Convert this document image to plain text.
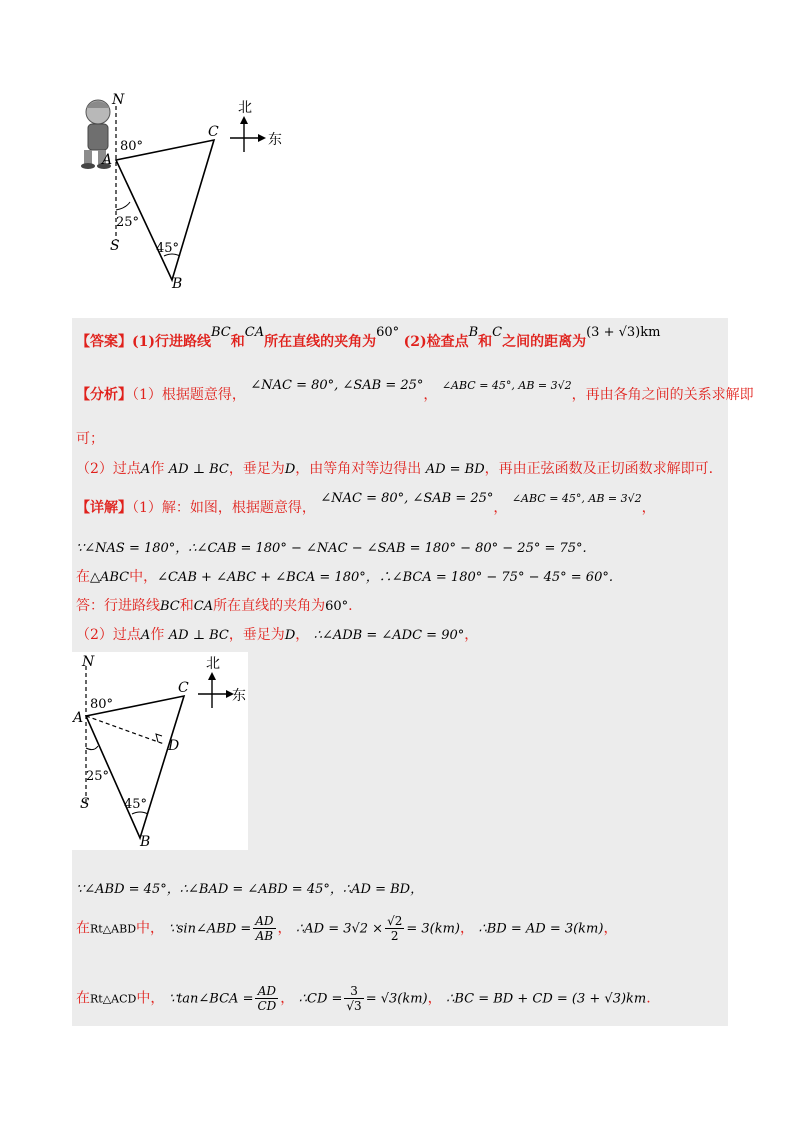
N
A
S
B
C
80°
25°
45°
北
东
【答案】(1)行进路线BC和CA所在直线的夹角为60° (2)检查点B和C之间的距离为(3 + √3)km
【分析】（1）根据题意得， ∠NAC = 80°, ∠SAB = 25°， $^{\angle ABC = 45^\circ, AB = 3√2}$，再由各角之间的关系求解即
可；
（2）过点A作 AD ⊥ BC，垂足为D，由等角对等边得出 AD = BD，再由正弦函数及正切函数求解即可.
【详解】（1）解：如图，根据题意得， ∠NAC = 80°, ∠SAB = 25°， $^{\angle ABC = 45^\circ, AB = 3√2}$，
∵∠NAS = 180°，∴∠CAB = 180° − ∠NAC − ∠SAB = 180° − 80° − 25° = 75°.
在△ABC中，∠CAB + ∠ABC + ∠BCA = 180°，∴∠BCA = 180° − 75° − 45° = 60°.
答：行进路线BC和CA所在直线的夹角为60°.
（2）过点A作 AD ⊥ BC，垂足为D， ∴∠ADB = ∠ADC = 90°，
N
A
S
B
C
D
80°
25°
45°
北
东
∵∠ABD = 45°，∴∠BAD = ∠ABD = 45°，∴AD = BD，
在Rt△ABD中， ∵sin∠ABD = $\frac{AD}{AB}$ ， ∴AD = $3√2 \times \frac{√2}{2} = 3(km)$， ∴BD = AD = 3(km)，
在Rt△ACD中， ∵tan∠BCA = $\frac{AD}{CD}$ ， ∴CD = $\frac{3}{√3} = √3(km)$， ∴BC = BD + CD = (3 + √3)km.
